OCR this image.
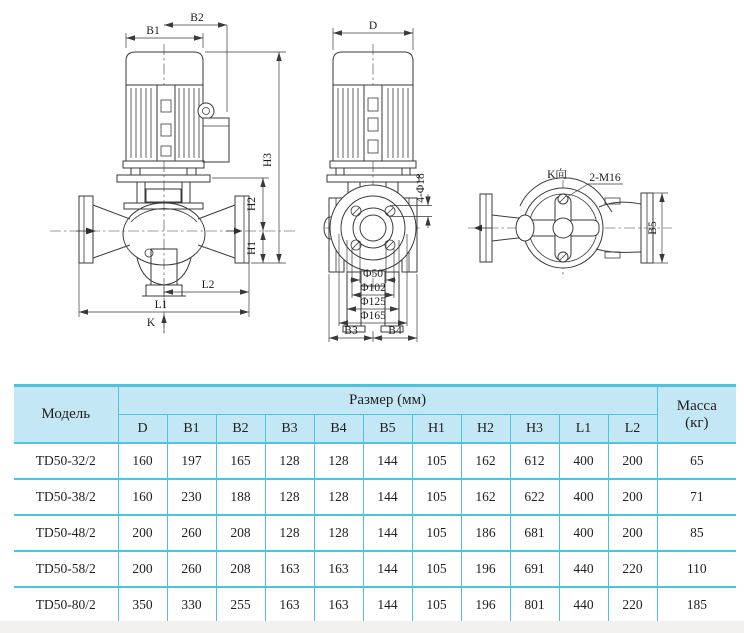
B1
B2
H3
H2
H1
L2
L1
K
D
4-Φ18
Φ50
Φ102
Φ125
Φ165
B3	B4
K向 2-M16
B5
Модель	Размер (мм)											Масса
(кг)

	D	B1	B2	B3	B4	B5	H1	H2	H3	L1	L2	
TD50-32/2	160	197	165	128	128	144	105	162	612	400	200	65
TD50-38/2	160	230	188	128	128	144	105	162	622	400	200	71
TD50-48/2	200	260	208	128	128	144	105	186	681	400	200	85
TD50-58/2	200	260	208	163	163	144	105	196	691	440	220	110
TD50-80/2	350	330	255	163	163	144	105	196	801	440	220	185
